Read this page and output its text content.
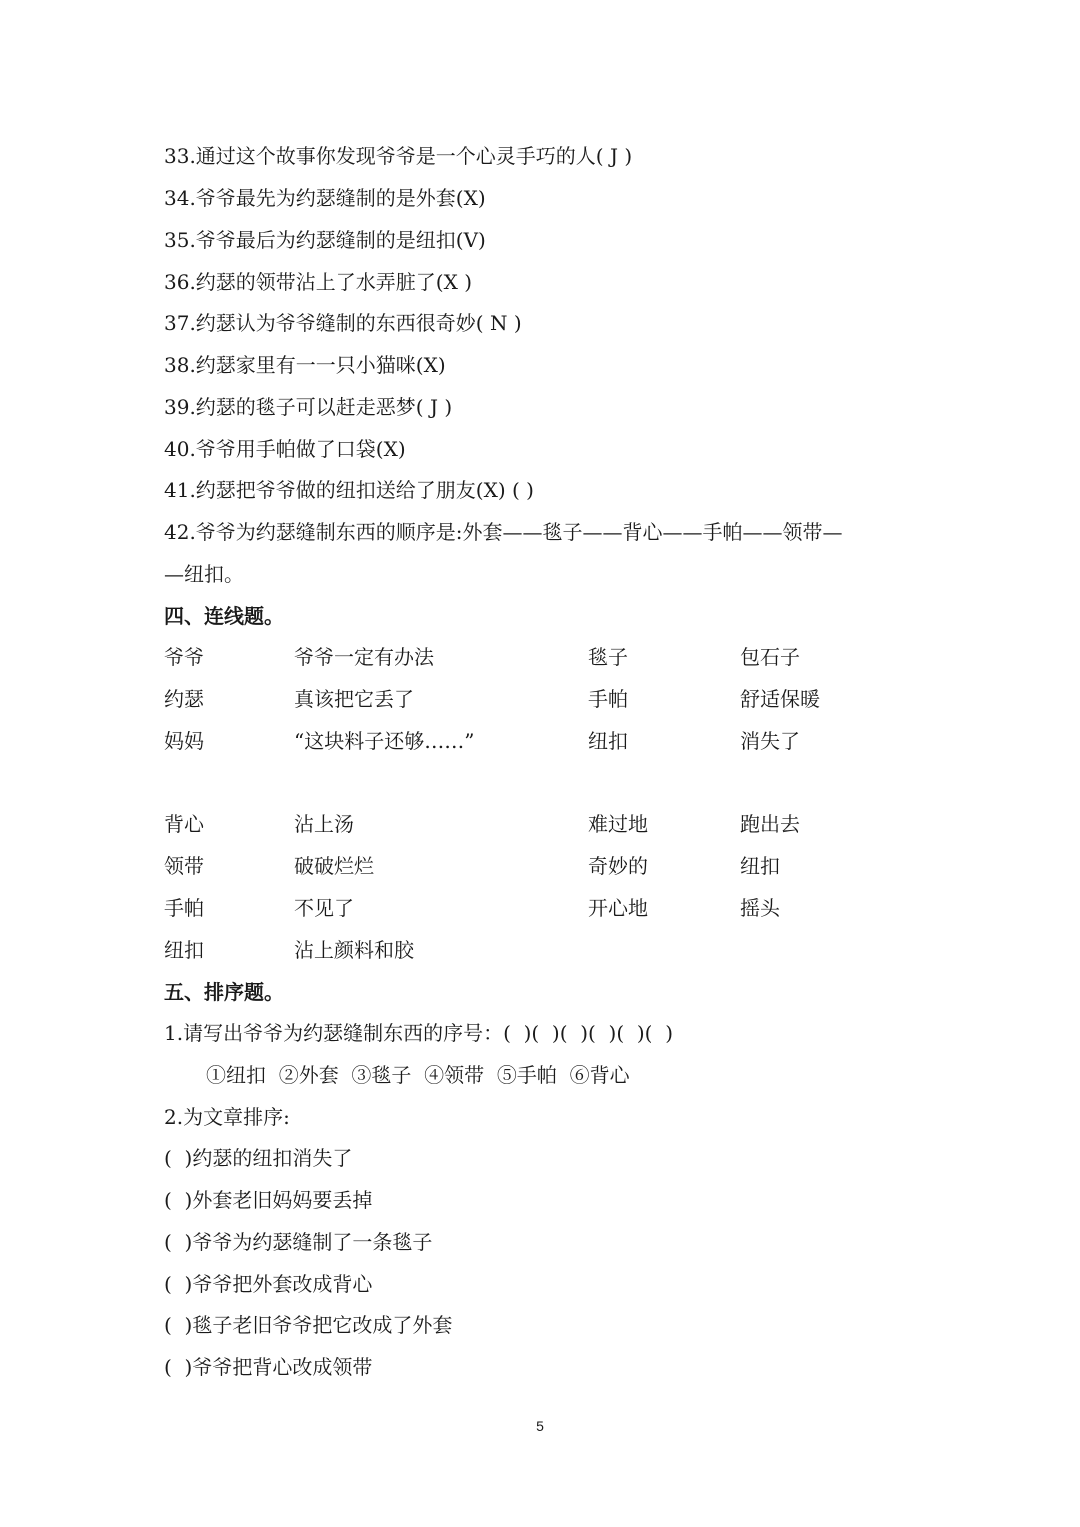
33.通过这个故事你发现爷爷是一个心灵手巧的人( J )
34.爷爷最先为约瑟缝制的是外套(X)
35.爷爷最后为约瑟缝制的是纽扣(V)
36.约瑟的领带沾上了水弄脏了(X )
37.约瑟认为爷爷缝制的东西很奇妙( N )
38.约瑟家里有一一只小猫咪(X)
39.约瑟的毯子可以赶走恶梦( J )
40.爷爷用手帕做了口袋(X)
41.约瑟把爷爷做的纽扣送给了朋友(X) ( )
42.爷爷为约瑟缝制东西的顺序是:外套——毯子——背心——手帕——领带—
—纽扣。
四、连线题。
爷爷	爷爷一定有办法	毯子	包石子
约瑟	真该把它丢了	手帕	舒适保暖
妈妈	“这块料子还够……”	纽扣	消失了
背心	沾上汤	难过地	跑出去
领带	破破烂烂	奇妙的	纽扣
手帕	不见了	开心地	摇头
纽扣	沾上颜料和胶
五、排序题。
1.请写出爷爷为约瑟缝制东西的序号：(  )(  )(  )(  )(  )(  )
①纽扣  ②外套  ③毯子  ④领带  ⑤手帕  ⑥背心
2.为文章排序:
(  )约瑟的纽扣消失了
(  )外套老旧妈妈要丢掉
(  )爷爷为约瑟缝制了一条毯子
(  )爷爷把外套改成背心
(  )毯子老旧爷爷把它改成了外套
(  )爷爷把背心改成领带
5
